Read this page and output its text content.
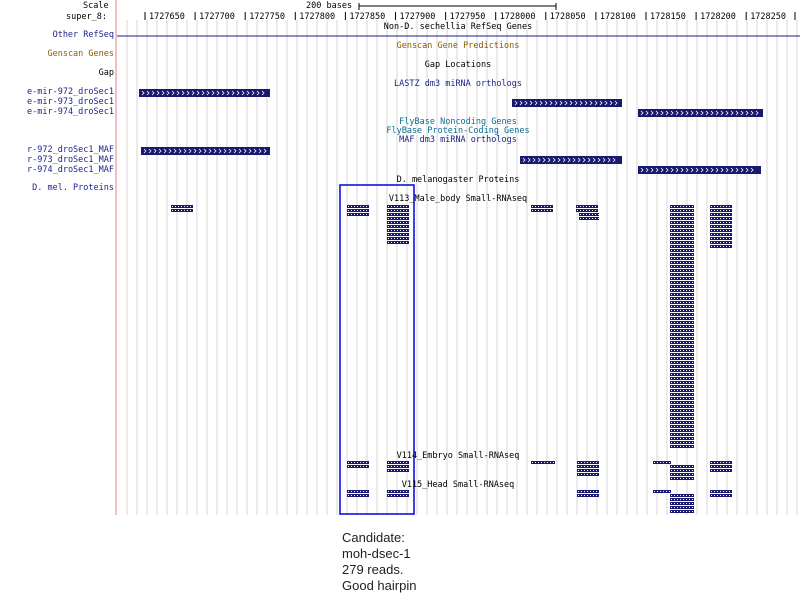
Scale	200 bases
super_8:	1727650 1727700 1727750 1727800 1727850 1727900 1727950 1728000 1728050 1728100 1728150 1728200 1728250
Other RefSeq
Genscan Genes
Gap
e-mir-972_droSec1
e-mir-973_droSec1
e-mir-974_droSec1
r-972_droSec1_MAF
r-973_droSec1_MAF
r-974_droSec1_MAF
D. mel. Proteins
Non-D. sechellia RefSeq Genes
Genscan Gene Predictions
Gap Locations
LASTZ dm3 miRNA orthologs
FlyBase Noncoding Genes
FlyBase Protein-Coding Genes
MAF dm3 miRNA orthologs
D. melanogaster Proteins
V113_Male_body Small-RNAseq
V114_Embryo Small-RNAseq
V115_Head Small-RNAseq
Candidate:
moh-dsec-1
279 reads.
Good hairpin
